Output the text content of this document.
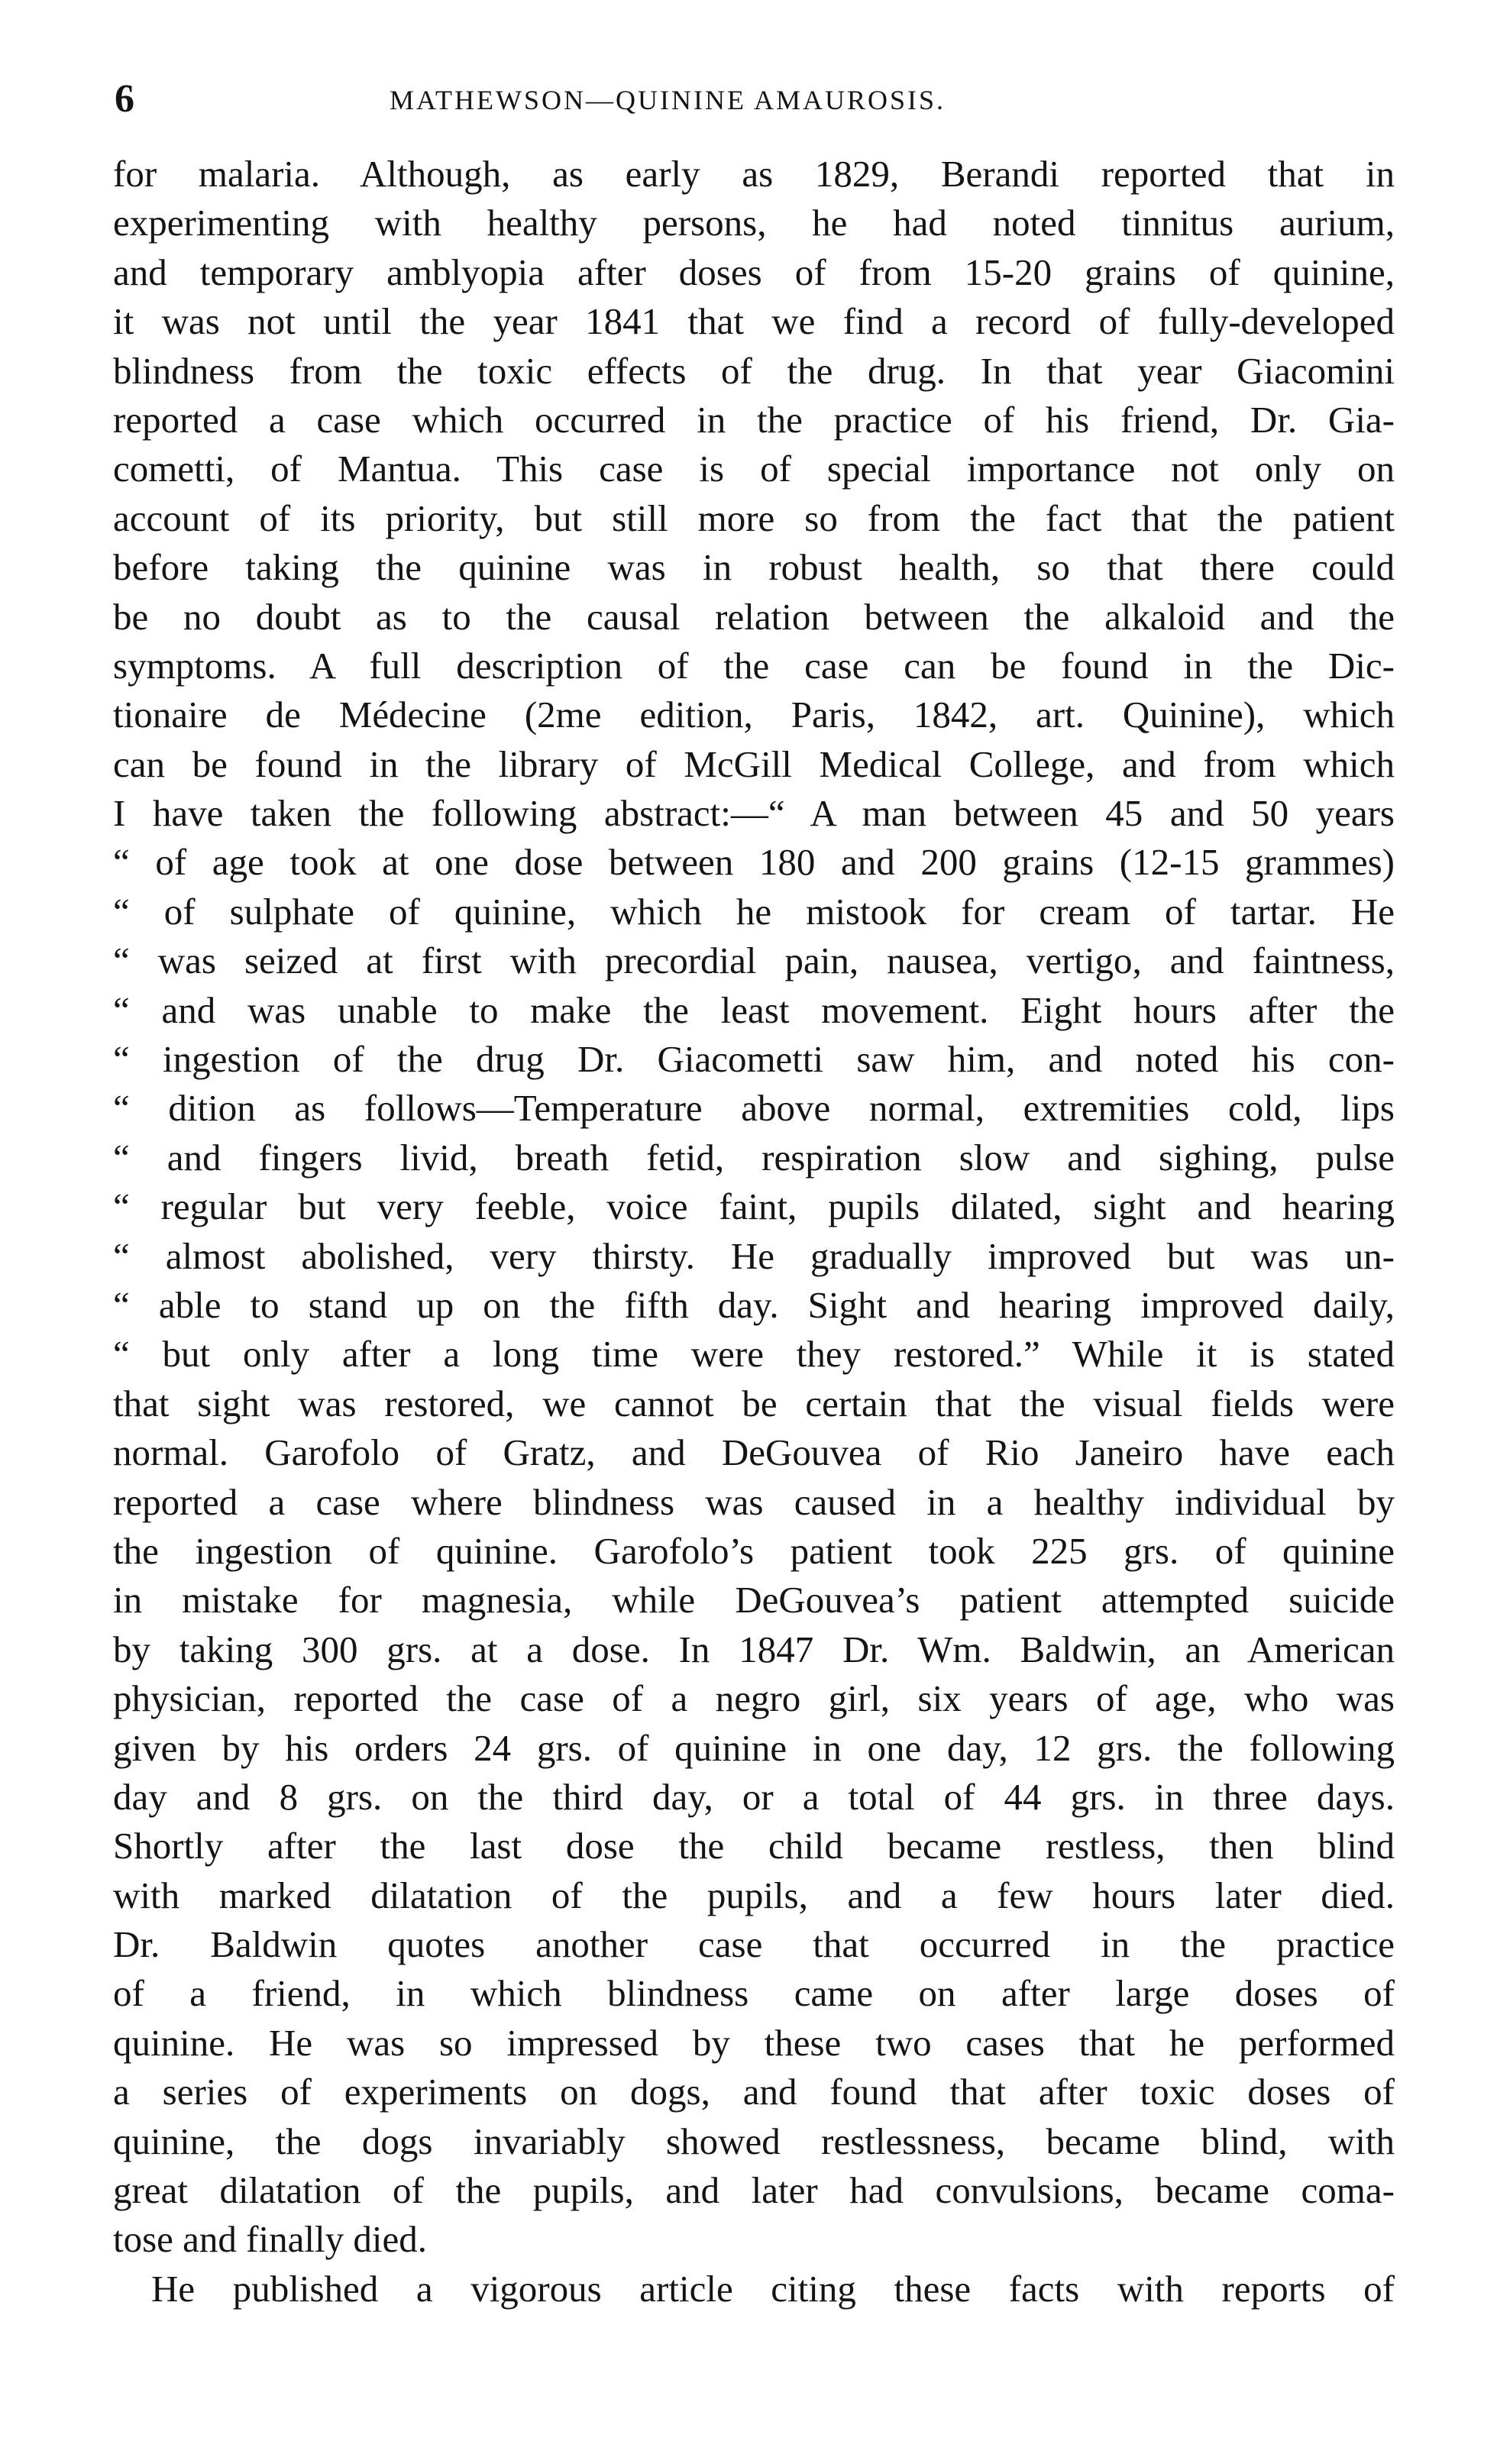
6	MATHEWSON—QUININE AMAUROSIS.
for malaria. Although, as early as 1829, Berandi reported that in
experimenting with healthy persons, he had noted tinnitus aurium,
and temporary amblyopia after doses of from 15-20 grains of quinine,
it was not until the year 1841 that we find a record of fully-developed
blindness from the toxic effects of the drug. In that year Giacomini
reported a case which occurred in the practice of his friend, Dr. Gia-
cometti, of Mantua. This case is of special importance not only on
account of its priority, but still more so from the fact that the patient
before taking the quinine was in robust health, so that there could
be no doubt as to the causal relation between the alkaloid and the
symptoms. A full description of the case can be found in the Dic-
tionaire de Médecine (2me edition, Paris, 1842, art. Quinine), which
can be found in the library of McGill Medical College, and from which
I have taken the following abstract:—“ A man between 45 and 50 years
“ of age took at one dose between 180 and 200 grains (12-15 grammes)
“ of sulphate of quinine, which he mistook for cream of tartar. He
“ was seized at first with precordial pain, nausea, vertigo, and faintness,
“ and was unable to make the least movement. Eight hours after the
“ ingestion of the drug Dr. Giacometti saw him, and noted his con-
“ dition as follows—Temperature above normal, extremities cold, lips
“ and fingers livid, breath fetid, respiration slow and sighing, pulse
“ regular but very feeble, voice faint, pupils dilated, sight and hearing
“ almost abolished, very thirsty. He gradually improved but was un-
“ able to stand up on the fifth day. Sight and hearing improved daily,
“ but only after a long time were they restored.” While it is stated
that sight was restored, we cannot be certain that the visual fields were
normal. Garofolo of Gratz, and DeGouvea of Rio Janeiro have each
reported a case where blindness was caused in a healthy individual by
the ingestion of quinine. Garofolo’s patient took 225 grs. of quinine
in mistake for magnesia, while DeGouvea’s patient attempted suicide
by taking 300 grs. at a dose. In 1847 Dr. Wm. Baldwin, an American
physician, reported the case of a negro girl, six years of age, who was
given by his orders 24 grs. of quinine in one day, 12 grs. the following
day and 8 grs. on the third day, or a total of 44 grs. in three days.
Shortly after the last dose the child became restless, then blind
with marked dilatation of the pupils, and a few hours later died.
Dr. Baldwin quotes another case that occurred in the practice
of a friend, in which blindness came on after large doses of
quinine. He was so impressed by these two cases that he performed
a series of experiments on dogs, and found that after toxic doses of
quinine, the dogs invariably showed restlessness, became blind, with
great dilatation of the pupils, and later had convulsions, became coma-
tose and finally died.
He published a vigorous article citing these facts with reports of
